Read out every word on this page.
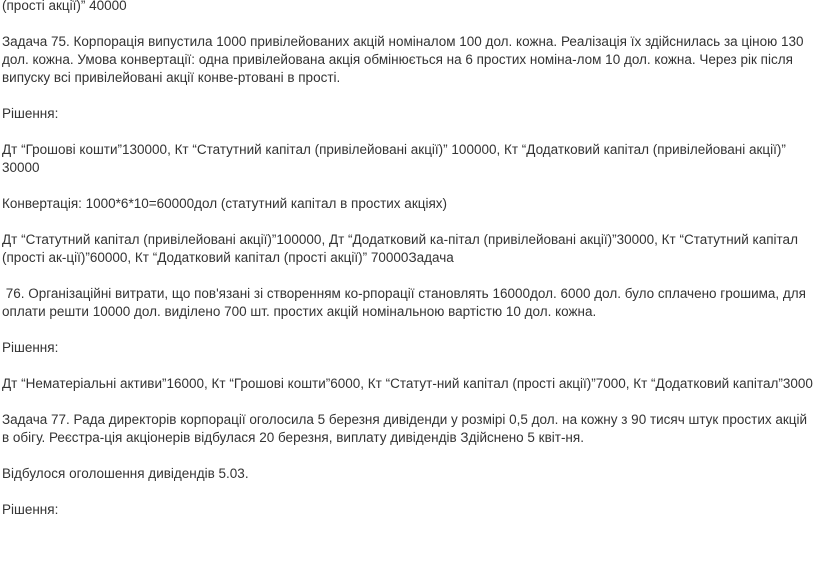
(прості акції)” 40000

Задача 75. Корпорація випустила 1000 привілейованих акцій номіналом 100 дол. кожна. Реалізація їх здійснилась за ціною 130 дол. кожна. Умова конвертації: одна привілейована акція обмінюється на 6 простих номіна-лом 10 дол. кожна. Через рік після випуску всі привілейовані акції конве-ртовані в прості.

Рішення:

Дт “Грошові кошти”130000, Кт “Статутний капітал (привілейовані акції)” 100000, Кт “Додатковий капітал (привілейовані акції)” 30000

Конвертація: 1000*6*10=60000дол (статутний капітал в простих акціях)

Дт “Статутний капітал (привілейовані акції)”100000, Дт “Додатковий ка-пітал (привілейовані акції)”30000, Кт “Статутний капітал (прості ак-ції)”60000, Кт “Додатковий капітал (прості акції)” 70000Задача

76. Організаційні витрати, що пов'язані зі створенням ко-рпорації становлять 16000дол. 6000 дол. було сплачено грошима, для оплати решти 10000 дол. виділено 700 шт. простих акцій номінальною вартістю 10 дол. кожна.

Рішення:

Дт “Нематеріальні активи”16000, Кт “Грошові кошти”6000, Кт “Статут-ний капітал (прості акції)”7000, Кт “Додатковий капітал”3000

Задача 77. Рада директорів корпорації оголосила 5 березня дивіденди у розмірі 0,5 дол. на кожну з 90 тисяч штук простих акцій в обігу. Реєстра-ція акціонерів відбулася 20 березня, виплату дивідендів Здійснено 5 квіт-ня.

Відбулося оголошення дивідендів 5.03.

Рішення:
